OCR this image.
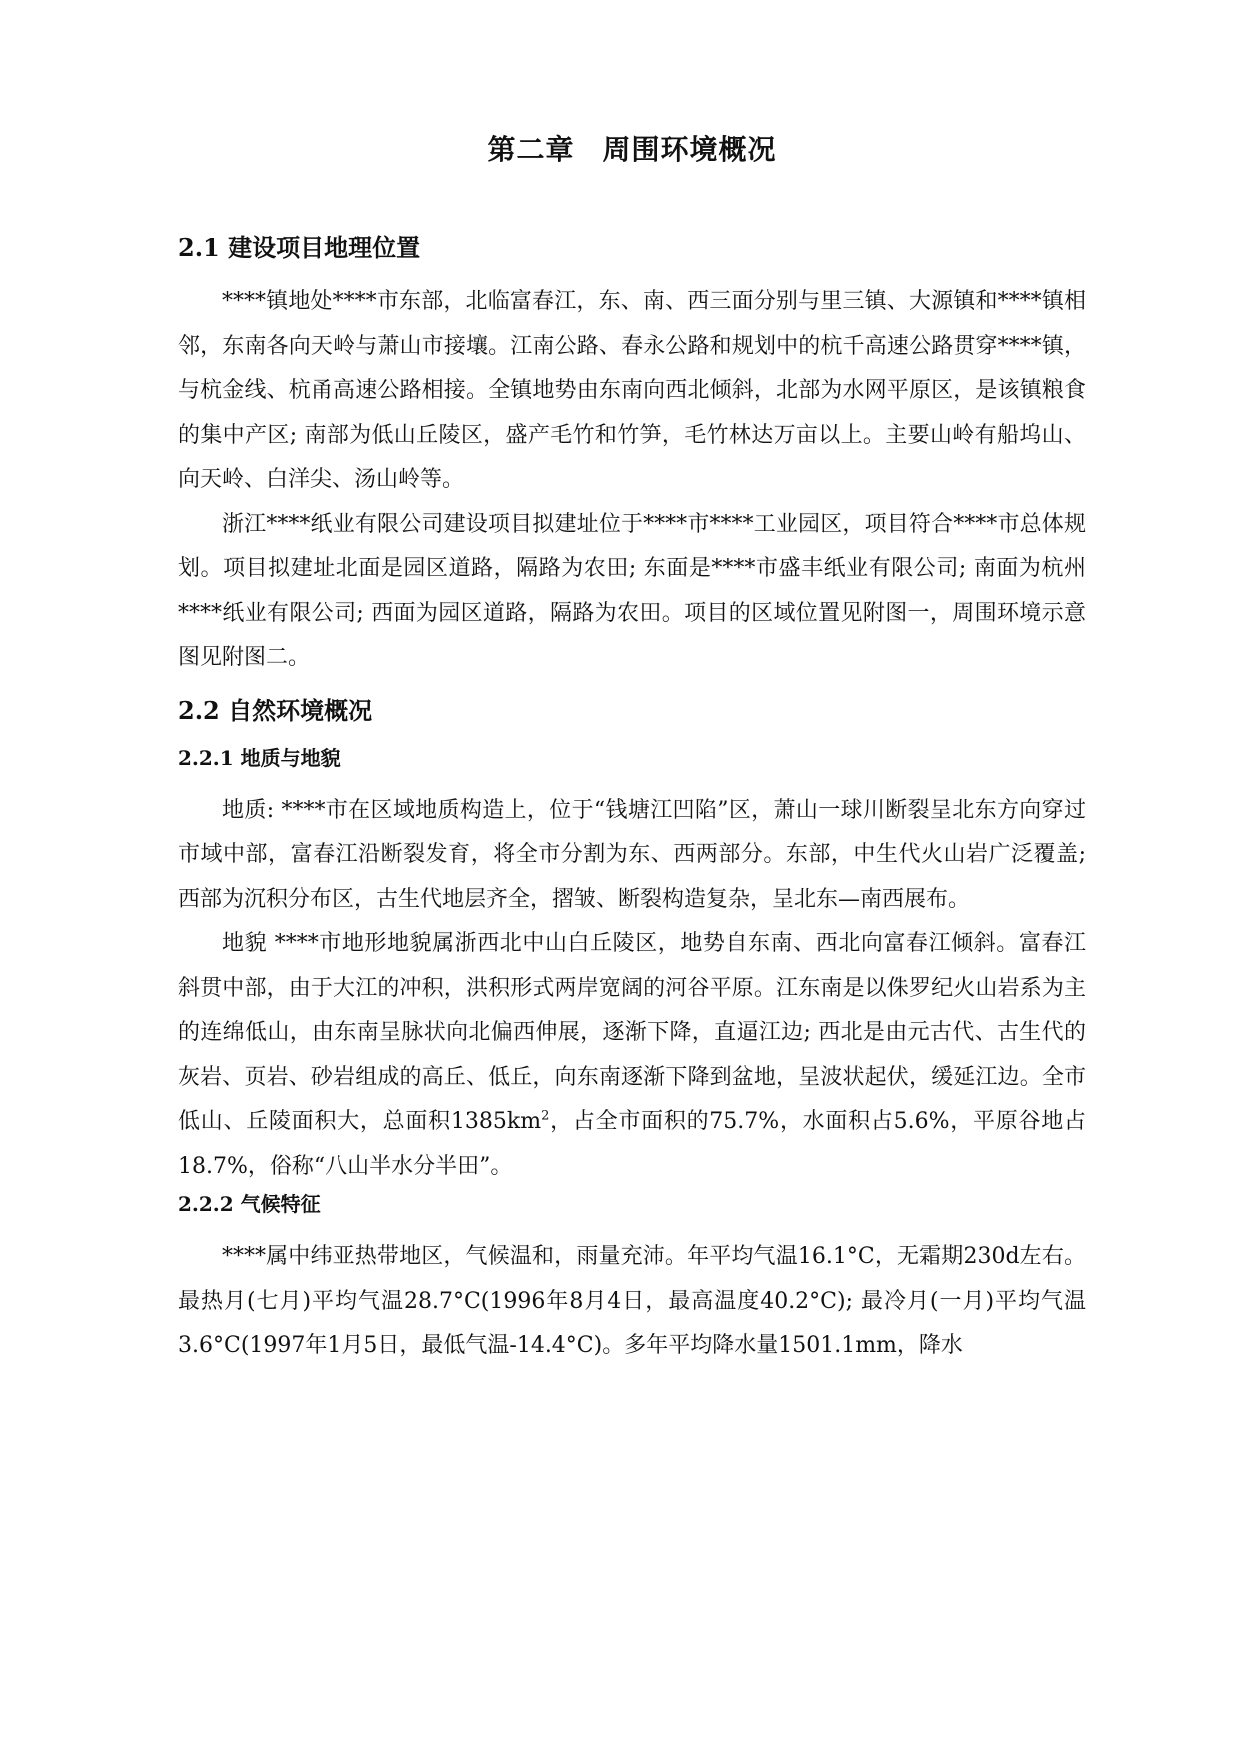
第二章 周围环境概况
2.1 建设项目地理位置

****镇地处****市东部，北临富春江，东、南、西三面分别与里三镇、大源镇和****镇相邻，东南各向天岭与萧山市接壤。江南公路、春永公路和规划中的杭千高速公路贯穿****镇，与杭金线、杭甬高速公路相接。全镇地势由东南向西北倾斜，北部为水网平原区，是该镇粮食的集中产区; 南部为低山丘陵区，盛产毛竹和竹笋，毛竹林达万亩以上。主要山岭有船坞山、向天岭、白洋尖、汤山岭等。

浙江****纸业有限公司建设项目拟建址位于****市****工业园区，项目符合****市总体规划。项目拟建址北面是园区道路，隔路为农田; 东面是****市盛丰纸业有限公司; 南面为杭州****纸业有限公司; 西面为园区道路，隔路为农田。项目的区域位置见附图一，周围环境示意图见附图二。

2.2 自然环境概况
2.2.1 地质与地貌

地质: ****市在区域地质构造上，位于“钱塘江凹陷”区，萧山一球川断裂呈北东方向穿过市域中部，富春江沿断裂发育，将全市分割为东、西两部分。东部，中生代火山岩广泛覆盖; 西部为沉积分布区，古生代地层齐全，摺皱、断裂构造复杂，呈北东—南西展布。

地貌 ****市地形地貌属浙西北中山白丘陵区，地势自东南、西北向富春江倾斜。富春江斜贯中部，由于大江的冲积，洪积形式两岸宽阔的河谷平原。江东南是以侏罗纪火山岩系为主的连绵低山，由东南呈脉状向北偏西伸展，逐渐下降，直逼江边; 西北是由元古代、古生代的灰岩、页岩、砂岩组成的高丘、低丘，向东南逐渐下降到盆地，呈波状起伏，缓延江边。全市低山、丘陵面积大，总面积$1385km^2$，占全市面积的75.7%，水面积占5.6%，平原谷地占18.7%，俗称“八山半水分半田”。

2.2.2 气候特征

****属中纬亚热带地区，气候温和，雨量充沛。年平均气温16.1°C，无霜期230d左右。最热月(七月)平均气温28.7°C(1996年8月4日，最高温度40.2°C); 最冷月(一月)平均气温3.6°C(1997年1月5日，最低气温-14.4°C)。多年平均降水量1501.1mm，降水
